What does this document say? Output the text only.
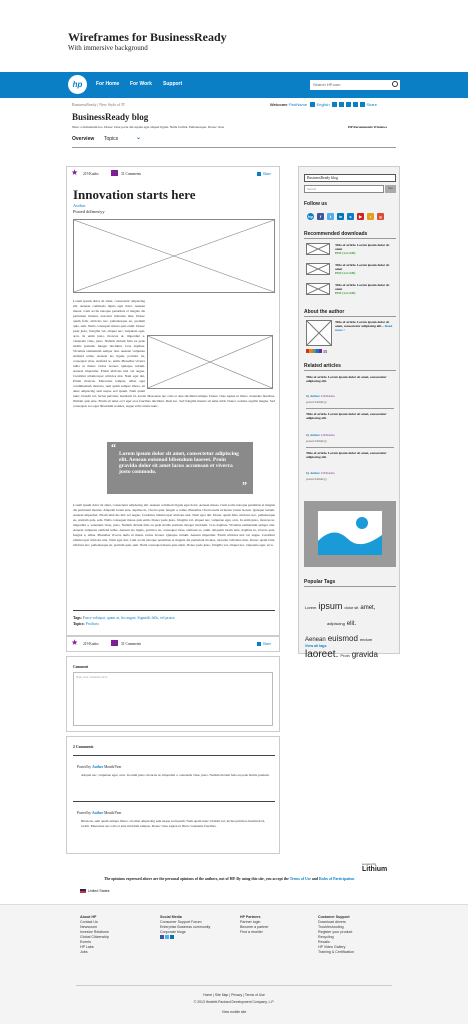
Wireframes for BusinessReady
With immersive background
hp	For Home For Work Support	Search HP.com
BusinessReady | New Style of IT	Welcome FirstName English	Share
BusinessReady blog
Nunc a fermentum leo. Donec vitae porta dui sapien eget aliquet ligula. Nulla facilisi. Pellentesque. Donec vitae	HP Recommends Windows
Overview Topics	⌄
★ 219 Kudos	31 Comments	Share
Innovation starts here
Author
Posted dd/mm/yy
Lorem ipsum dolor sit amet, consectetur adipiscing elit. Aenean commodo ligula eget dolor. Aenean massa. Cum sociis natoque penatibus et magnis dis parturient montes, nascetur ridiculus mus. Donec quam felis, ultricies nec, pellentesque eu, pretium quis, sem. Nulla consequat massa quis enim. Donec pede justo, fringilla vel, aliquet nec, vulputate eget, arcu. In enim justo, rhoncus ut, imperdiet a, venenatis vitae, justo. Nullam dictum felis eu pede mollis pretium. Integer tincidunt. Cras dapibus. Vivamus elementum semper nisi. Aenean vulputate eleifend tellus. Aenean leo ligula, porttitor eu, consequat vitae, eleifend ac, enim. Phasellus viverra nulla ut metus varius laoreet. Quisque rutrum. Aenean imperdiet. Etiam ultricies nisi vel augue. Curabitur ullamcorper ultricies nisi. Nam eget dui. Etiam rhoncus. Maecenas tempus, tellus eget condimentum rhoncus, sem quam semper libero, sit amet adipiscing sem neque sed ipsum. Nam quam nunc, blandit vel, luctus pulvinar, hendrerit id, lorem. Maecenas nec odio et ante tincidunt tempus. Donec vitae sapien ut libero venenatis faucibus. Nullam quis ante. Etiam sit amet orci eget eros faucibus tincidunt. Duis leo. Sed fringilla mauris sit amet nibh. Donec sodales sagittis magna. Sed consequat, leo eget bibendum sodales, augue velit cursus nunc.
“ Lorem ipsum dolor sit amet, consectetur adipiscing elit. Aenean euismod bibendum laoreet. Proin gravida dolor sit amet lacus accumsan et viverra justo commodo.
”
Lorem ipsum dolor sit amet, consectetur adipiscing elit. Aenean commodo ligula eget dolor. Aenean massa. Cum sociis natoque penatibus et magnis dis parturient montes. Aliquam lorem ante, dapibus in, viverra quis, feugiat a, tellus. Phasellus viverra nulla ut metus varius laoreet. Quisque rutrum. Aenean imperdiet. Etiam ultricies nisi vel augue. Curabitur ullamcorper ultricies nisi. Nam eget dui. Donec quam felis, ultricies nec, pellentesque eu, pretium quis, sem. Nulla consequat massa quis enim. Donec pede justo, fringilla vel, aliquet nec, vulputate eget, arcu. In enim justo, rhoncus ut, imperdiet a, venenatis vitae, justo. Nullam dictum felis eu pede mollis pretium. Integer tincidunt. Cras dapibus. Vivamus elementum semper nisi. Aenean vulputate eleifend tellus. Aenean leo ligula, porttitor eu, consequat vitae, eleifend ac, enim. Aliquam lorem ante, dapibus in, viverra quis, feugiat a, tellus. Phasellus viverra nulla ut metus varius laoreet. Quisque rutrum. Aenean imperdiet. Etiam ultricies nisi vel augue. Curabitur ullamcorper ultricies nisi. Nam eget dui. Cum sociis natoque penatibus et magnis dis parturient montes, nascetur ridiculus mus. Donec quam felis, ultricies nec, pellentesque eu, pretium quis, sem. Nulla consequat massa quis enim. Donec pede justo, fringilla vel, aliquet nec, vulputate eget, arcu.
Tags: Fusce volutpat, quam at, leo augue, Sigmidit fells, vel prutor
Topics: Products
★ 219 Kudos	31 Comments	Share
Comment
Type your comment here
2 Comments
Posted by Author Month/Year
Aliquet nec, vulputate eget, arcu. In enim justo, rhoncus ut, imperdiet a, venenatis vitae, justo. Nullam dictum felis eu pede mollis pretium.
Posted by Author Month/Year
Rhoncus, sem quam semper libero, sit amet adipiscing sem neque sed ipsum. Nam quam nunc, blandit vel, luctus pulvinar, hendrerit id, lorem. Maecenas nec odio et ante tincidunt tempus. Donec vitae sapien ut libero venenatis faucibus.
BusinessReady blog
Search	Go
Follow us
hp	f	t	in	s	▶	•	g
Recommended downloads
Title of article. Lorem ipsum dolor sit amet
PDF (xxx KB)
Title of article. Lorem ipsum dolor sit amet
PDF (xxx KB)
Title of article. Lorem ipsum dolor sit amet
PDF (xxx KB)
About the author
Title of article. Lorem ipsum dolor sit amet, consectetur adipiscing elit... Read more >
15
Related articles
Title of article. Lorem ipsum dolor sit amet, consectetur adipiscing elit.
by Author 219 Kudos
posted dd/mm/yy
Title of article. Lorem ipsum dolor sit amet, consectetur adipiscing elit.
by Author 219 Kudos
posted dd/mm/yy
Title of article. Lorem ipsum dolor sit amet, consectetur adipiscing elit.
by Author 219 Kudos
posted dd/mm/yy
Popular Tags
Lorem ipsum dolor sit amet,
adipiscing elit.
Aenean euismod endum
laoreet. Proin gravida
View all tags
powered by
Lithium
The opinions expressed above are the personal opinions of the authors, not of HP. By using this site, you accept the Terms of Use and Rules of Participation
United States
About HP
Contact Us
Newsroom
Investor Relations
Global Citizenship
Events
HP Labs
Jobs
Social Media
Consumer Support Forum
Enterprise Business community
Corporate blogs
HP Partners
Partner login
Become a partner
Find a reseller
Customer Support
Download drivers
Troubleshooting
Register your product
Recycling
Recalls
HP Video Gallery
Training & Certification
Home | Site Map | Privacy | Terms of Use
© 2013 Hewlett-Packard Development Company, L.P.
View mobile site
